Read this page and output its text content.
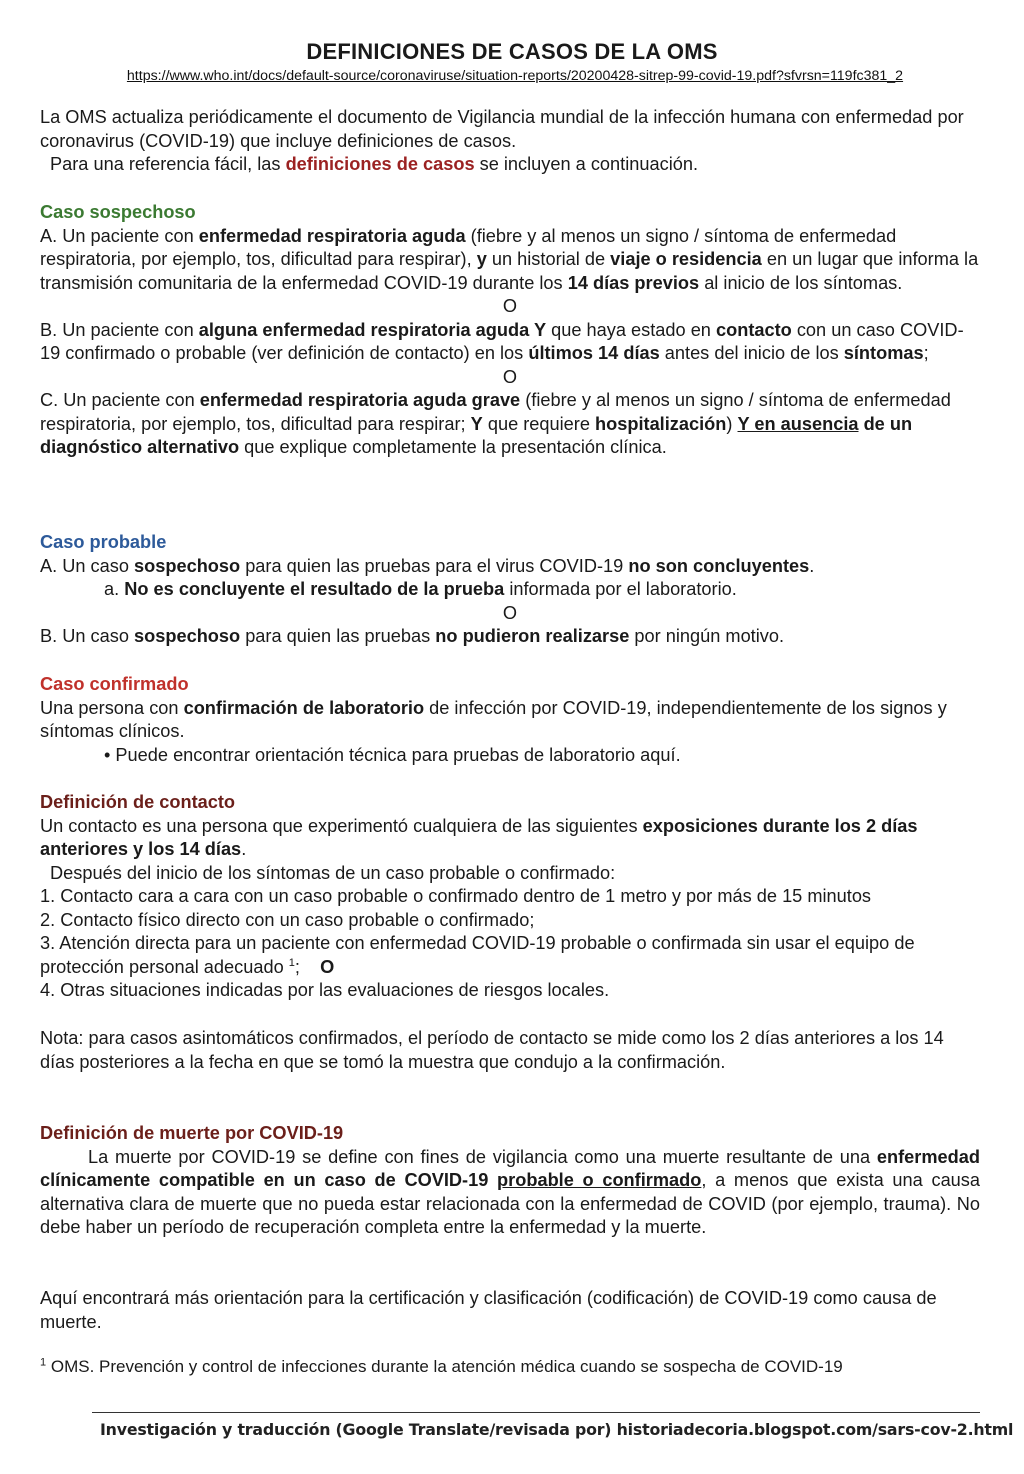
DEFINICIONES DE CASOS DE LA OMS
https://www.who.int/docs/default-source/coronaviruse/situation-reports/20200428-sitrep-99-covid-19.pdf?sfvrsn=119fc381_2

La OMS actualiza periódicamente el documento de Vigilancia mundial de la infección humana con enfermedad por coronavirus (COVID-19) que incluye definiciones de casos.

Para una referencia fácil, las definiciones de casos se incluyen a continuación.

Caso sospechoso

A. Un paciente con enfermedad respiratoria aguda (fiebre y al menos un signo / síntoma de enfermedad respiratoria, por ejemplo, tos, dificultad para respirar), y un historial de viaje o residencia en un lugar que informa la transmisión comunitaria de la enfermedad COVID-19 durante los 14 días previos al inicio de los síntomas.

O

B. Un paciente con alguna enfermedad respiratoria aguda Y que haya estado en contacto con un caso COVID-19 confirmado o probable (ver definición de contacto) en los últimos 14 días antes del inicio de los síntomas;

O

C. Un paciente con enfermedad respiratoria aguda grave (fiebre y al menos un signo / síntoma de enfermedad respiratoria, por ejemplo, tos, dificultad para respirar; Y que requiere hospitalización) Y en ausencia de un diagnóstico alternativo que explique completamente la presentación clínica.

Caso probable

A. Un caso sospechoso para quien las pruebas para el virus COVID-19 no son concluyentes.

a. No es concluyente el resultado de la prueba informada por el laboratorio.

O

B. Un caso sospechoso para quien las pruebas no pudieron realizarse por ningún motivo.

Caso confirmado

Una persona con confirmación de laboratorio de infección por COVID-19, independientemente de los signos y síntomas clínicos.

• Puede encontrar orientación técnica para pruebas de laboratorio aquí.

Definición de contacto

Un contacto es una persona que experimentó cualquiera de las siguientes exposiciones durante los 2 días anteriores y los 14 días.

Después del inicio de los síntomas de un caso probable o confirmado:

1. Contacto cara a cara con un caso probable o confirmado dentro de 1 metro y por más de 15 minutos

2. Contacto físico directo con un caso probable o confirmado;

3. Atención directa para un paciente con enfermedad COVID-19 probable o confirmada sin usar el equipo de protección personal adecuado $^1$; O

4. Otras situaciones indicadas por las evaluaciones de riesgos locales.

Nota: para casos asintomáticos confirmados, el período de contacto se mide como los 2 días anteriores a los 14 días posteriores a la fecha en que se tomó la muestra que condujo a la confirmación.

Definición de muerte por COVID-19

La muerte por COVID-19 se define con fines de vigilancia como una muerte resultante de una enfermedad clínicamente compatible en un caso de COVID-19 probable o confirmado, a menos que exista una causa alternativa clara de muerte que no pueda estar relacionada con la enfermedad de COVID (por ejemplo, trauma). No debe haber un período de recuperación completa entre la enfermedad y la muerte.

Aquí encontrará más orientación para la certificación y clasificación (codificación) de COVID-19 como causa de muerte.

$^1$ OMS. Prevención y control de infecciones durante la atención médica cuando se sospecha de COVID-19
Investigación y traducción (Google Translate/revisada por) historiadecoria.blogspot.com/sars-cov-2.html
